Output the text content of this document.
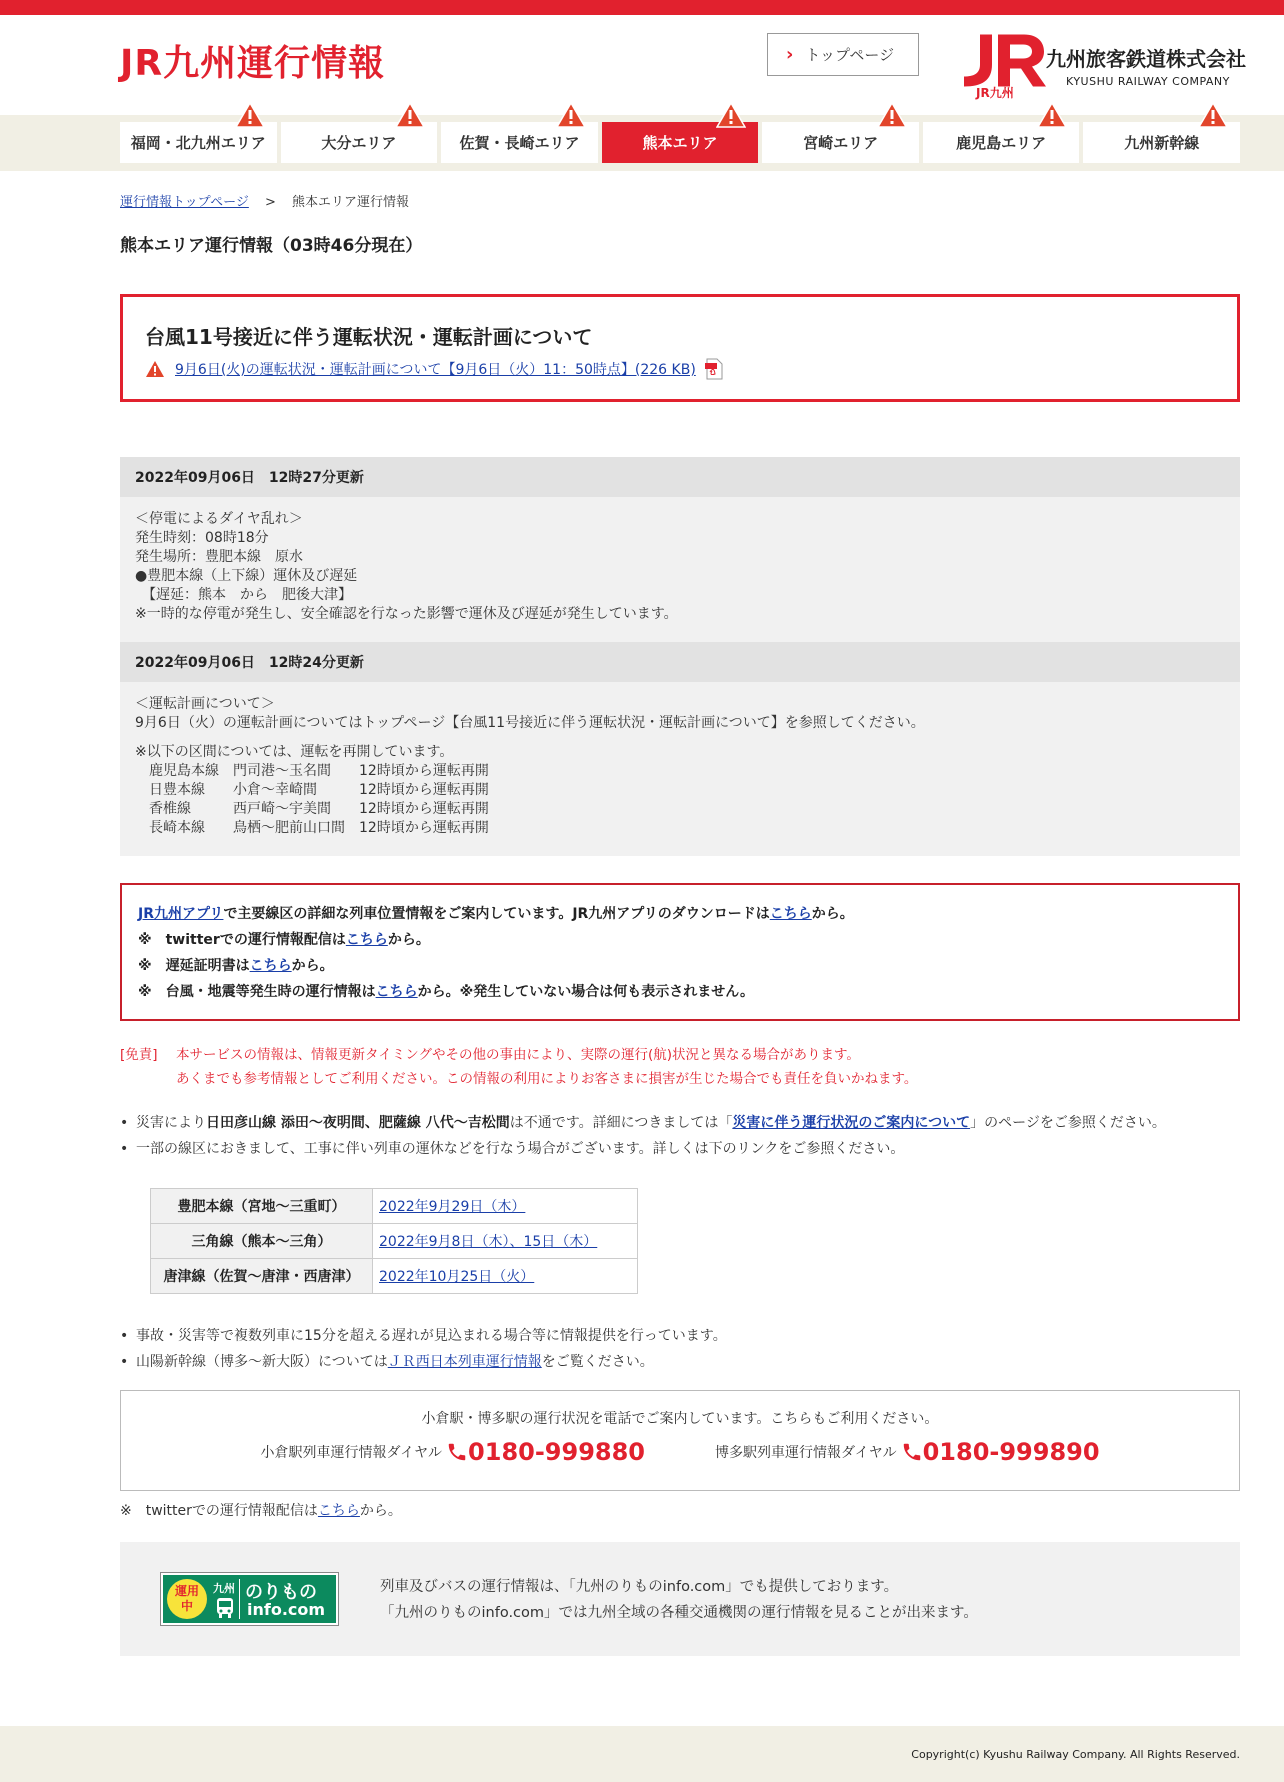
JR九州運行情報	› トップページ
JR九州
九州旅客鉄道株式会社
KYUSHU RAILWAY COMPANY
福岡・北九州エリア	大分エリア	佐賀・長崎エリア	熊本エリア	宮崎エリア	鹿児島エリア	九州新幹線
運行情報トップページ > 熊本エリア運行情報
熊本エリア運行情報（03時46分現在）
台風11号接近に伴う運転状況・運転計画について
9月6日(火)の運転状況・運転計画について【9月6日（火）11：50時点】(226 KB)
2022年09月06日　12時27分更新

＜停電によるダイヤ乱れ＞

発生時刻：08時18分

発生場所：豊肥本線　原水

●豊肥本線（上下線）運休及び遅延

　【遅延：熊本　から　肥後大津】

※一時的な停電が発生し、安全確認を行なった影響で運休及び遅延が発生しています。

2022年09月06日　12時24分更新

＜運転計画について＞

9月6日（火）の運転計画についてはトップページ【台風11号接近に伴う運転状況・運転計画について】を参照してください。

※以下の区間については、運転を再開しています。

　鹿児島本線　門司港～玉名間　　12時頃から運転再開

　日豊本線　　小倉～幸崎間　　　12時頃から運転再開

　香椎線　　　西戸崎～宇美間　　12時頃から運転再開

　長崎本線　　鳥栖～肥前山口間　12時頃から運転再開

JR九州アプリで主要線区の詳細な列車位置情報をご案内しています。JR九州アプリのダウンロードはこちらから。
※　twitterでの運行情報配信はこちらから。
※　遅延証明書はこちらから。
※　台風・地震等発生時の運行情報はこちらから。※発生していない場合は何も表示されません。
[免責] 本サービスの情報は、情報更新タイミングやその他の事由により、実際の運行(航)状況と異なる場合があります。
あくまでも参考情報としてご利用ください。この情報の利用によりお客さまに損害が生じた場合でも責任を負いかねます。
• 災害により日田彦山線 添田～夜明間、肥薩線 八代～吉松間は不通です。詳細につきましては「災害に伴う運行状況のご案内について」のページをご参照ください。
• 一部の線区におきまして、工事に伴い列車の運休などを行なう場合がございます。詳しくは下のリンクをご参照ください。
豊肥本線（宮地～三重町）	2022年9月29日（木）
三角線（熊本～三角）	2022年9月8日（木）、15日（木）
唐津線（佐賀～唐津・西唐津）	2022年10月25日（火）
• 事故・災害等で複数列車に15分を超える遅れが見込まれる場合等に情報提供を行っています。
• 山陽新幹線（博多～新大阪）についてはＪＲ西日本列車運行情報をご覧ください。
小倉駅・博多駅の運行状況を電話でご案内しています。こちらもご利用ください。
小倉駅列車運行情報ダイヤル 0180-999880	博多駅列車運行情報ダイヤル 0180-999890
※　twitterでの運行情報配信はこちらから。
運用中
九州 のりもの
info.com
列車及びバスの運行情報は、「九州のりものinfo.com」でも提供しております。
「九州のりものinfo.com」では九州全域の各種交通機関の運行情報を見ることが出来ます。
Copyright(c) Kyushu Railway Company. All Rights Reserved.
